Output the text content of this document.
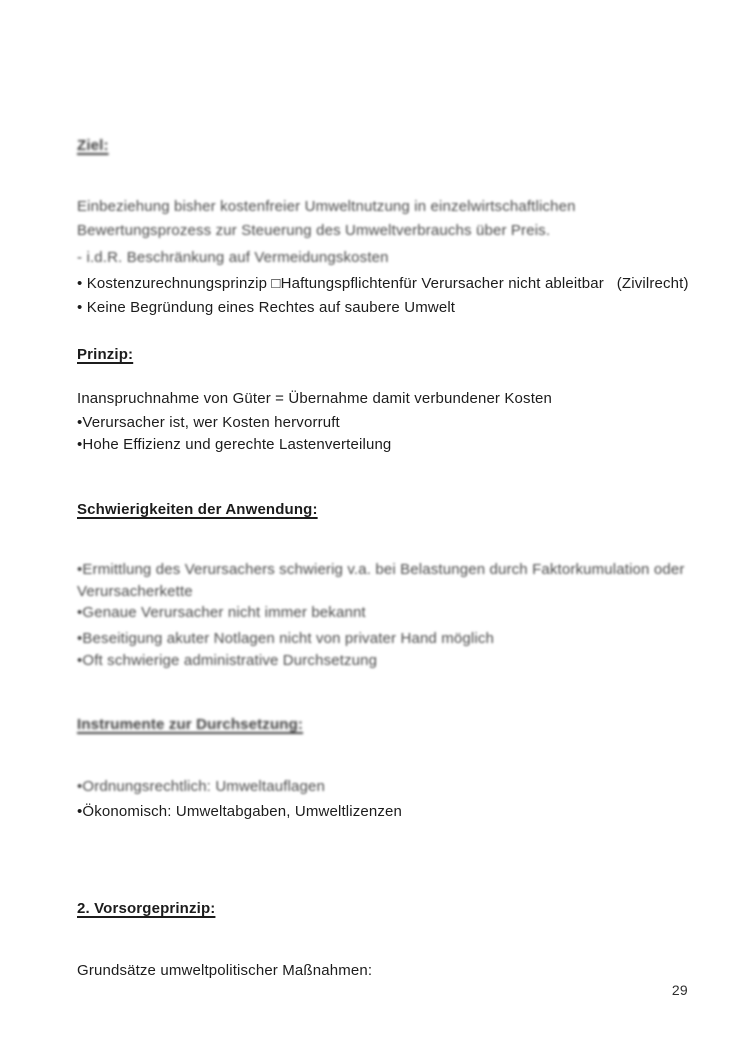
Ziel:
Einbeziehung bisher kostenfreier Umweltnutzung in einzelwirtschaftlichen
Bewertungsprozess zur Steuerung des Umweltverbrauchs über Preis.
- i.d.R. Beschränkung auf Vermeidungskosten
• Kostenzurechnungsprinzip □Haftungspflichtenfür Verursacher nicht ableitbar   (Zivilrecht)
• Keine Begründung eines Rechtes auf saubere Umwelt
Prinzip:
Inanspruchnahme von Güter = Übernahme damit verbundener Kosten
•Verursacher ist, wer Kosten hervorruft
•Hohe Effizienz und gerechte Lastenverteilung
Schwierigkeiten der Anwendung:
•Ermittlung des Verursachers schwierig v.a. bei Belastungen durch Faktorkumulation oder
Verursacherkette
•Genaue Verursacher nicht immer bekannt
•Beseitigung akuter Notlagen nicht von privater Hand möglich
•Oft schwierige administrative Durchsetzung
Instrumente zur Durchsetzung:
•Ordnungsrechtlich: Umweltauflagen
•Ökonomisch: Umweltabgaben, Umweltlizenzen
2. Vorsorgeprinzip:
Grundsätze umweltpolitischer Maßnahmen:
29
